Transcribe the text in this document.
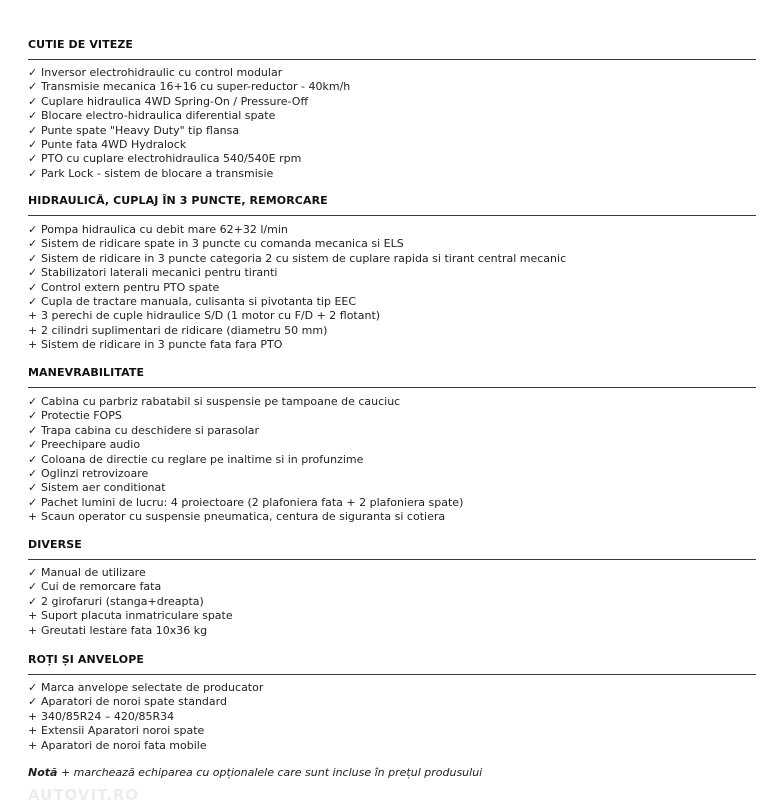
CUTIE DE VITEZE
✓ Inversor electrohidraulic cu control modular
✓ Transmisie mecanica 16+16 cu super-reductor - 40km/h
✓ Cuplare hidraulica 4WD Spring-On / Pressure-Off
✓ Blocare electro-hidraulica diferential spate
✓ Punte spate "Heavy Duty" tip flansa
✓ Punte fata 4WD Hydralock
✓ PTO cu cuplare electrohidraulica 540/540E rpm
✓ Park Lock - sistem de blocare a transmisie
HIDRAULICĂ, CUPLAJ ÎN 3 PUNCTE, REMORCARE
✓ Pompa hidraulica cu debit mare 62+32 l/min
✓ Sistem de ridicare spate in 3 puncte cu comanda mecanica si ELS
✓ Sistem de ridicare in 3 puncte categoria 2 cu sistem de cuplare rapida si tirant central mecanic
✓ Stabilizatori laterali mecanici pentru tiranti
✓ Control extern pentru PTO spate
✓ Cupla de tractare manuala, culisanta si pivotanta tip EEC
+ 3 perechi de cuple hidraulice S/D (1 motor cu F/D + 2 flotant)
+ 2 cilindri suplimentari de ridicare (diametru 50 mm)
+ Sistem de ridicare in 3 puncte fata fara PTO
MANEVRABILITATE
✓ Cabina cu parbriz rabatabil si suspensie pe tampoane de cauciuc
✓ Protectie FOPS
✓ Trapa cabina cu deschidere si parasolar
✓ Preechipare audio
✓ Coloana de directie cu reglare pe inaltime si in profunzime
✓ Oglinzi retrovizoare
✓ Sistem aer conditionat
✓ Pachet lumini de lucru: 4 proiectoare (2 plafoniera fata + 2 plafoniera spate)
+ Scaun operator cu suspensie pneumatica, centura de siguranta si cotiera
DIVERSE
✓ Manual de utilizare
✓ Cui de remorcare fata
✓ 2 girofaruri (stanga+dreapta)
+ Suport placuta inmatriculare spate
+ Greutati lestare fata 10x36 kg
ROȚI ȘI ANVELOPE
✓ Marca anvelope selectate de producator
✓ Aparatori de noroi spate standard
+ 340/85R24 – 420/85R34
+ Extensii Aparatori noroi spate
+ Aparatori de noroi fata mobile
Notă + marchează echiparea cu opționalele care sunt incluse în prețul produsului
AUTOVIT.RO
